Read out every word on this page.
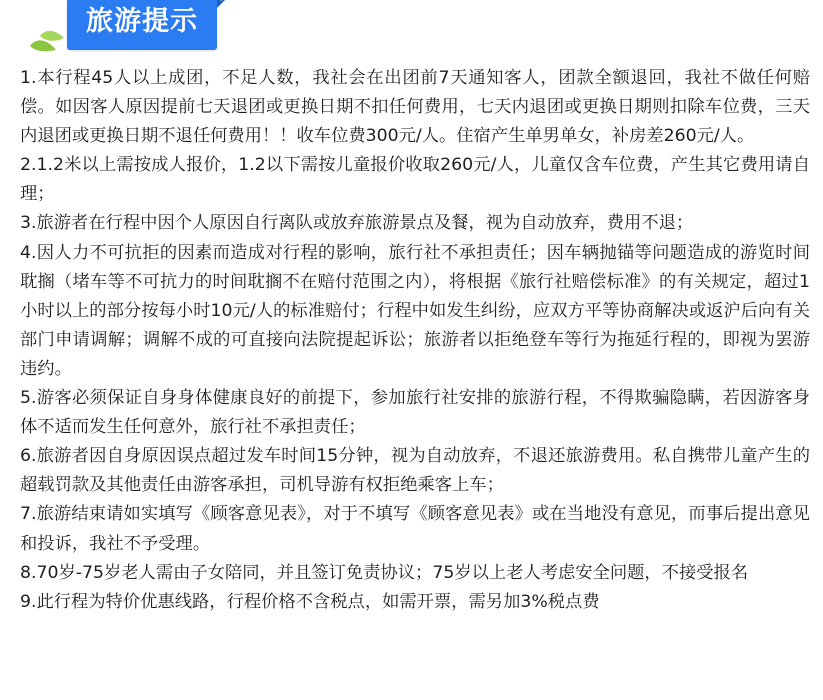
旅游提示

1.本行程45人以上成团，不足人数，我社会在出团前7天通知客人，团款全额退回，我社不做任何赔偿。如因客人原因提前七天退团或更换日期不扣任何费用，七天内退团或更换日期则扣除车位费，三天内退团或更换日期不退任何费用！！收车位费300元/人。住宿产生单男单女，补房差260元/人。

2.1.2米以上需按成人报价，1.2以下需按儿童报价收取260元/人，儿童仅含车位费，产生其它费用请自理；

3.旅游者在行程中因个人原因自行离队或放弃旅游景点及餐，视为自动放弃，费用不退；

4.因人力不可抗拒的因素而造成对行程的影响，旅行社不承担责任；因车辆抛锚等问题造成的游览时间耽搁（堵车等不可抗力的时间耽搁不在赔付范围之内），将根据《旅行社赔偿标准》的有关规定，超过1小时以上的部分按每小时10元/人的标准赔付；行程中如发生纠纷，应双方平等协商解决或返沪后向有关部门申请调解；调解不成的可直接向法院提起诉讼；旅游者以拒绝登车等行为拖延行程的，即视为罢游违约。

5.游客必须保证自身身体健康良好的前提下，参加旅行社安排的旅游行程，不得欺骗隐瞒，若因游客身体不适而发生任何意外，旅行社不承担责任；

6.旅游者因自身原因误点超过发车时间15分钟，视为自动放弃，不退还旅游费用。私自携带儿童产生的超载罚款及其他责任由游客承担，司机导游有权拒绝乘客上车；

7.旅游结束请如实填写《顾客意见表》，对于不填写《顾客意见表》或在当地没有意见，而事后提出意见和投诉，我社不予受理。

8.70岁-75岁老人需由子女陪同，并且签订免责协议；75岁以上老人考虑安全问题，不接受报名

9.此行程为特价优惠线路，行程价格不含税点，如需开票，需另加3%税点费
